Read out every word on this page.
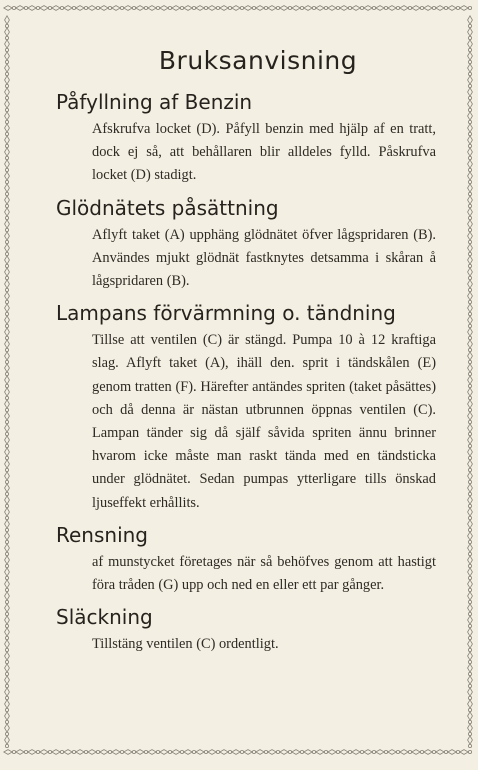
Bruksanvisning
Påfyllning af Benzin

Afskrufva locket (D). Påfyll benzin med hjälp af en tratt, dock ej så, att behållaren blir alldeles fylld. Påskrufva locket (D) stadigt.

Glödnätets påsättning

Aflyft taket (A) upphäng glödnätet öfver lågspridaren (B). Användes mjukt glödnät fastknytes detsamma i skåran å lågspridaren (B).

Lampans förvärmning o. tändning

Tillse att ventilen (C) är stängd. Pumpa 10 à 12 kraftiga slag. Aflyft taket (A), ihäll den. sprit i tändskålen (E) genom tratten (F). Härefter antändes spriten (taket påsättes) och då denna är nästan utbrunnen öppnas ventilen (C). Lampan tänder sig då själf såvida spriten ännu brinner hvarom icke måste man raskt tända med en tändsticka under glödnätet. Sedan pumpas ytterligare tills önskad ljuseffekt erhållits.

Rensning

af munstycket företages när så behöfves genom att hastigt föra tråden (G) upp och ned en eller ett par gånger.

Släckning

Tillstäng ventilen (C) ordentligt.
